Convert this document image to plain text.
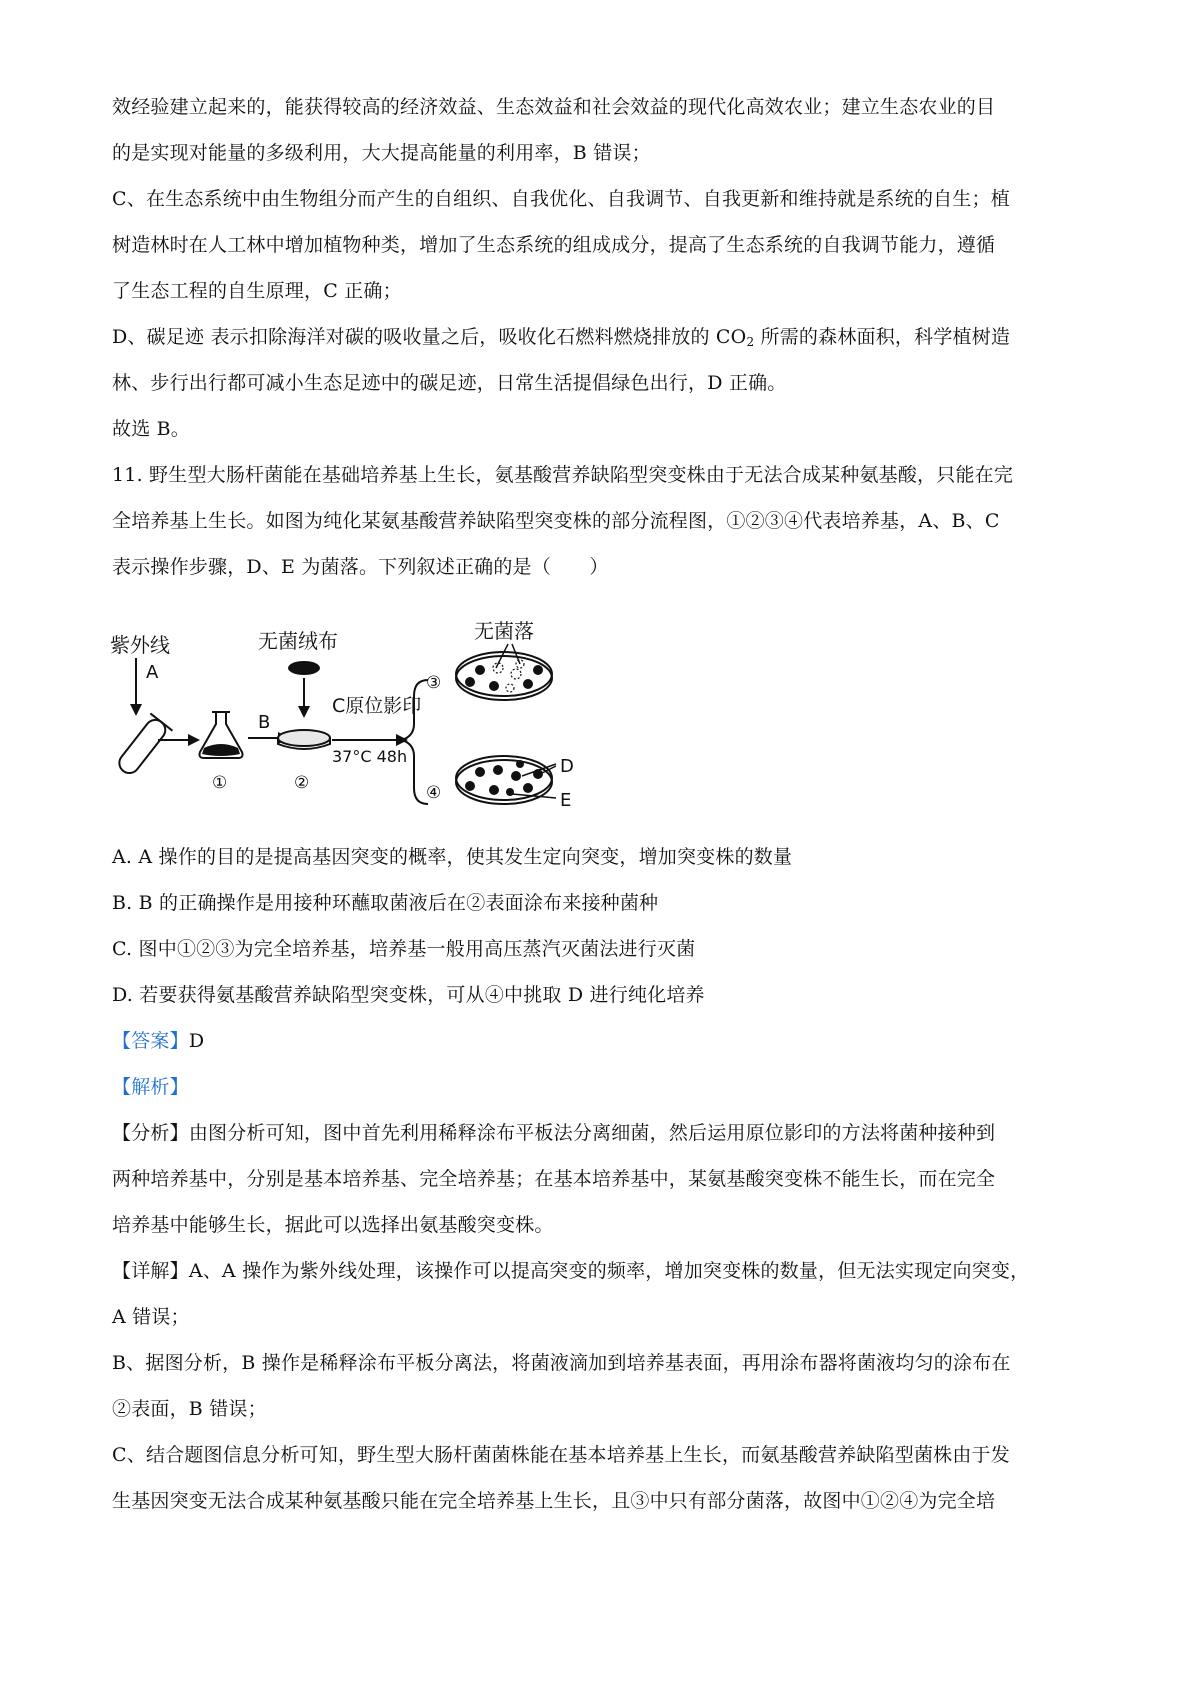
效经验建立起来的，能获得较高的经济效益、生态效益和社会效益的现代化高效农业；建立生态农业的目
的是实现对能量的多级利用，大大提高能量的利用率，B 错误；
C、在生态系统中由生物组分而产生的自组织、自我优化、自我调节、自我更新和维持就是系统的自生；植
树造林时在人工林中增加植物种类，增加了生态系统的组成成分，提高了生态系统的自我调节能力，遵循
了生态工程的自生原理，C 正确；
D、碳足迹 表示扣除海洋对碳的吸收量之后，吸收化石燃料燃烧排放的 $CO_2$ 所需的森林面积，科学植树造
林、步行出行都可减小生态足迹中的碳足迹，日常生活提倡绿色出行，D 正确。
故选 B。
11. 野生型大肠杆菌能在基础培养基上生长，氨基酸营养缺陷型突变株由于无法合成某种氨基酸，只能在完
全培养基上生长。如图为纯化某氨基酸营养缺陷型突变株的部分流程图，①②③④代表培养基，A、B、C
表示操作步骤，D、E 为菌落。下列叙述正确的是（　　）
紫外线
A
①
B
无菌绒布
②
C原位影印
37°C 48h
无菌落
③
④
D
E
A. A 操作的目的是提高基因突变的概率，使其发生定向突变，增加突变株的数量
B. B 的正确操作是用接种环蘸取菌液后在②表面涂布来接种菌种
C. 图中①②③为完全培养基，培养基一般用高压蒸汽灭菌法进行灭菌
D. 若要获得氨基酸营养缺陷型突变株，可从④中挑取 D 进行纯化培养
【答案】D
【解析】
【分析】由图分析可知，图中首先利用稀释涂布平板法分离细菌，然后运用原位影印的方法将菌种接种到
两种培养基中，分别是基本培养基、完全培养基；在基本培养基中，某氨基酸突变株不能生长，而在完全
培养基中能够生长，据此可以选择出氨基酸突变株。
【详解】A、A 操作为紫外线处理，该操作可以提高突变的频率，增加突变株的数量，但无法实现定向突变，
A 错误；
B、据图分析，B 操作是稀释涂布平板分离法，将菌液滴加到培养基表面，再用涂布器将菌液均匀的涂布在
②表面，B 错误；
C、结合题图信息分析可知，野生型大肠杆菌菌株能在基本培养基上生长，而氨基酸营养缺陷型菌株由于发
生基因突变无法合成某种氨基酸只能在完全培养基上生长，且③中只有部分菌落，故图中①②④为完全培
